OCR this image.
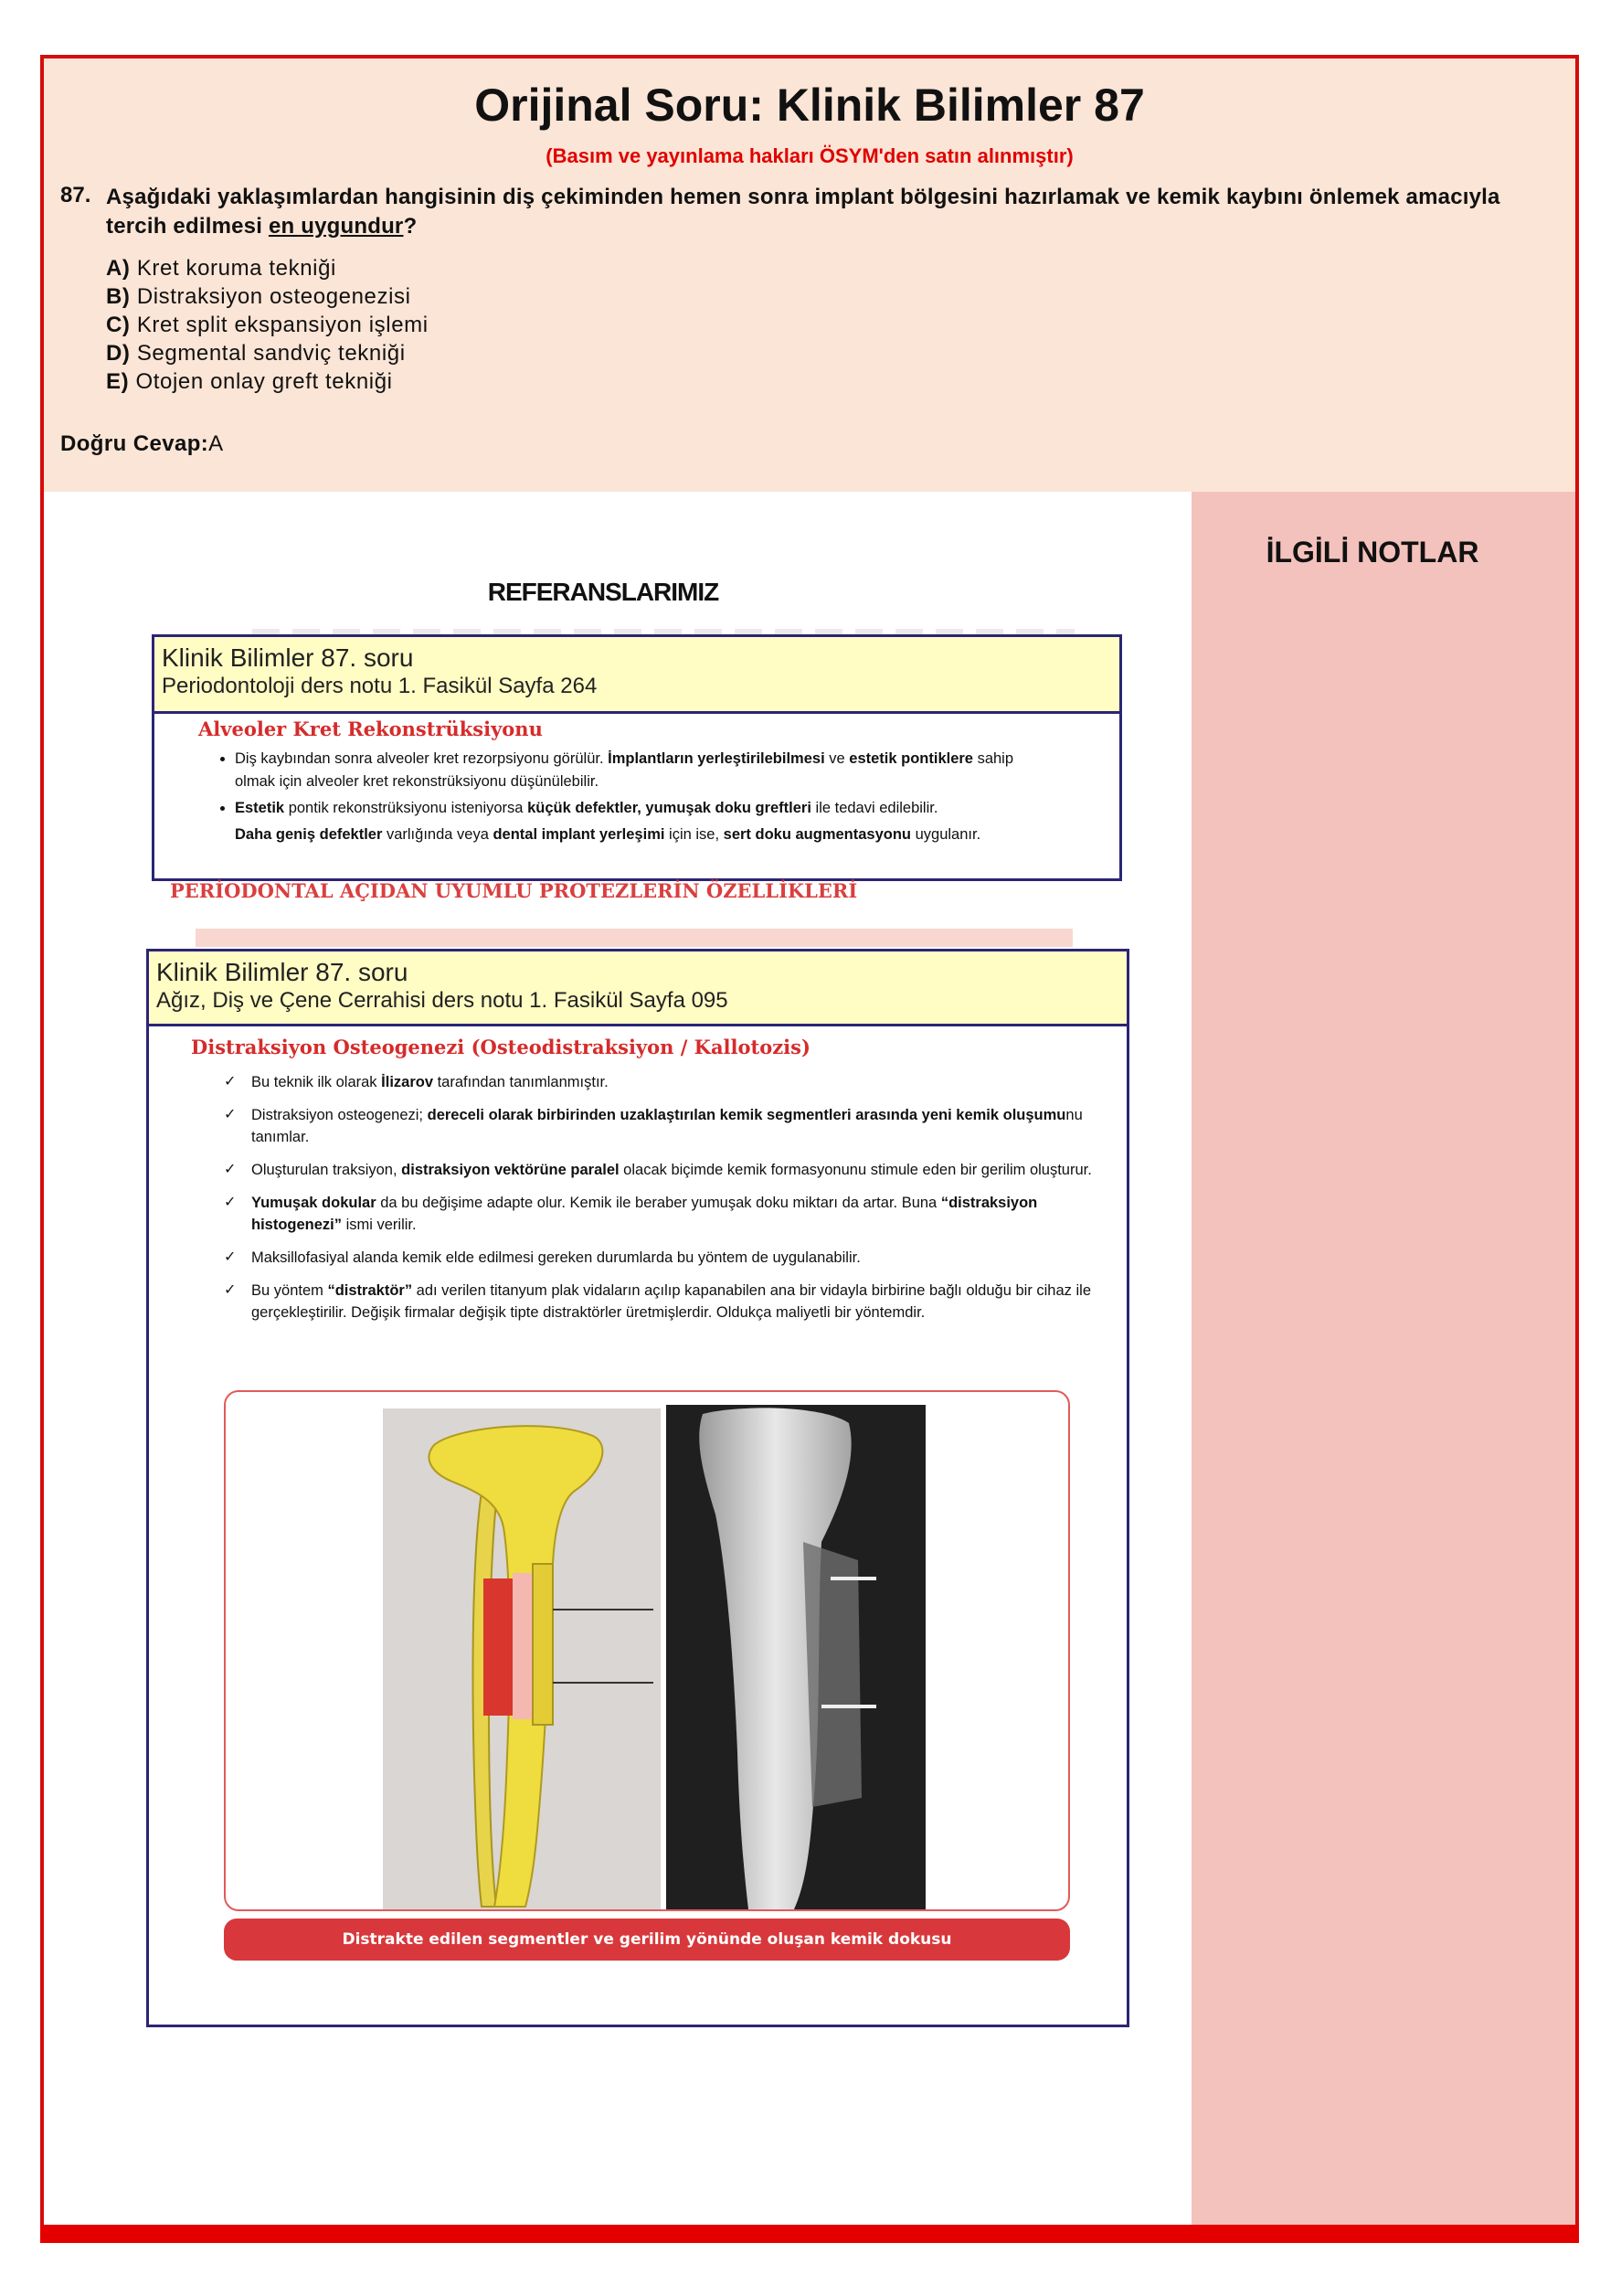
Orijinal Soru: Klinik Bilimler 87
(Basım ve yayınlama hakları ÖSYM'den satın alınmıştır)
87. Aşağıdaki yaklaşımlardan hangisinin diş çekiminden hemen sonra implant bölgesini hazırlamak ve kemik kaybını önlemek amacıyla tercih edilmesi en uygundur?
A) Kret koruma tekniği
B) Distraksiyon osteogenezisi
C) Kret split ekspansiyon işlemi
D) Segmental sandviç tekniği
E) Otojen onlay greft tekniği
Doğru Cevap:A
REFERANSLARIMIZ
Klinik Bilimler 87. soru
Periodontoloji ders notu 1. Fasikül Sayfa 264
Alveoler Kret Rekonstrüksiyonu
• Diş kaybından sonra alveoler kret rezorpsiyonu görülür. İmplantların yerleştirilebilmesi ve estetik pontiklere sahip olmak için alveoler kret rekonstrüksiyonu düşünülebilir.
• Estetik pontik rekonstrüksiyonu isteniyorsa küçük defektler, yumuşak doku greftleri ile tedavi edilebilir.

Daha geniş defektler varlığında veya dental implant yerleşimi için ise, sert doku augmentasyonu uygulanır.

PERİODONTAL AÇIDAN UYUMLU PROTEZLERİN ÖZELLİKLERİ
Klinik Bilimler 87. soru
Ağız, Diş ve Çene Cerrahisi ders notu 1. Fasikül Sayfa 095
Distraksiyon Osteogenezi (Osteodistraksiyon / Kallotozis)
✓ Bu teknik ilk olarak İlizarov tarafından tanımlanmıştır.
✓ Distraksiyon osteogenezi; dereceli olarak birbirinden uzaklaştırılan kemik segmentleri arasında yeni kemik oluşumunu tanımlar.
✓ Oluşturulan traksiyon, distraksiyon vektörüne paralel olacak biçimde kemik formasyonunu stimule eden bir gerilim oluşturur.
✓ Yumuşak dokular da bu değişime adapte olur. Kemik ile beraber yumuşak doku miktarı da artar. Buna “distraksiyon histogenezi” ismi verilir.
✓ Maksillofasiyal alanda kemik elde edilmesi gereken durumlarda bu yöntem de uygulanabilir.
✓ Bu yöntem “distraktör” adı verilen titanyum plak vidaların açılıp kapanabilen ana bir vidayla birbirine bağlı olduğu bir cihaz ile gerçekleştirilir. Değişik firmalar değişik tipte distraktörler üretmişlerdir. Oldukça maliyetli bir yöntemdir.
Distrakte edilen segmentler ve gerilim yönünde oluşan kemik dokusu
İLGİLİ NOTLAR
